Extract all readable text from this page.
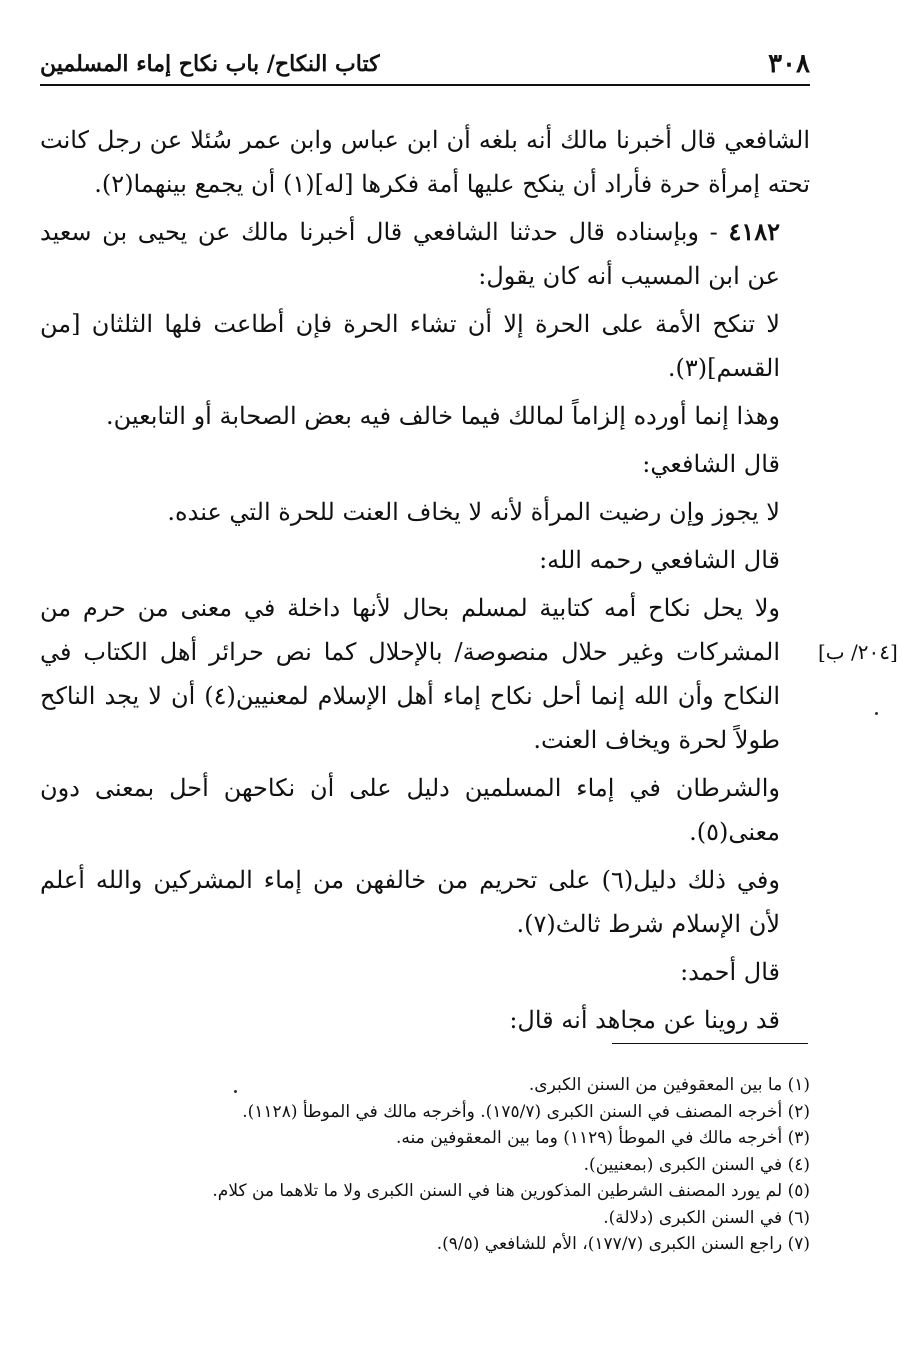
٣٠٨
كتاب النكاح/ باب نكاح إماء المسلمين

الشافعي قال أخبرنا مالك أنه بلغه أن ابن عباس وابن عمر سُئلا عن رجل كانت تحته إمرأة حرة فأراد أن ينكح عليها أمة فكرها [له](١) أن يجمع بينهما(٢).

٤١٨٢ - وبإسناده قال حدثنا الشافعي قال أخبرنا مالك عن يحيى بن سعيد عن ابن المسيب أنه كان يقول:

لا تنكح الأمة على الحرة إلا أن تشاء الحرة فإن أطاعت فلها الثلثان [من القسم](٣).

وهذا إنما أورده إلزاماً لمالك فيما خالف فيه بعض الصحابة أو التابعين.

قال الشافعي:

لا يجوز وإن رضيت المرأة لأنه لا يخاف العنت للحرة التي عنده.

قال الشافعي رحمه الله:

ولا يحل نكاح أمه كتابية لمسلم بحال لأنها داخلة في معنى من حرم من المشركات وغير حلال منصوصة/ بالإحلال كما نص حرائر أهل الكتاب في النكاح وأن الله إنما أحل نكاح إماء أهل الإسلام لمعنيين(٤) أن لا يجد الناكح طولاً لحرة ويخاف العنت.

والشرطان في إماء المسلمين دليل على أن نكاحهن أحل بمعنى دون معنى(٥).

وفي ذلك دليل(٦) على تحريم من خالفهن من إماء المشركين والله أعلم لأن الإسلام شرط ثالث(٧).

قال أحمد:

قد روينا عن مجاهد أنه قال:

[٢٠٤/ ب]
(١) ما بين المعقوفين من السنن الكبرى.
(٢) أخرجه المصنف في السنن الكبرى (١٧٥/٧). وأخرجه مالك في الموطأ (١١٢٨).
(٣) أخرجه مالك في الموطأ (١١٢٩) وما بين المعقوفين منه.
(٤) في السنن الكبرى (بمعنيين).
(٥) لم يورد المصنف الشرطين المذكورين هنا في السنن الكبرى ولا ما تلاهما من كلام.
(٦) في السنن الكبرى (دلالة).
(٧) راجع السنن الكبرى (١٧٧/٧)، الأم للشافعي (٩/٥).
